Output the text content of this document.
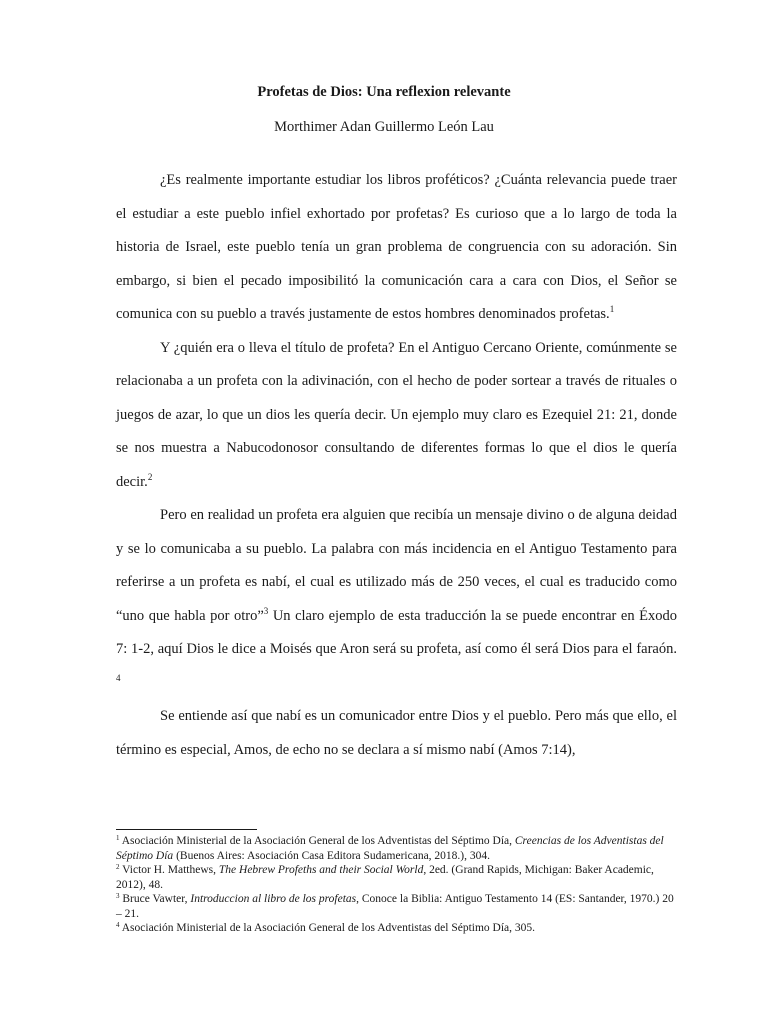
Profetas de Dios: Una reflexion relevante
Morthimer Adan Guillermo León Lau

¿Es realmente importante estudiar los libros proféticos? ¿Cuánta relevancia puede traer el estudiar a este pueblo infiel exhortado por profetas? Es curioso que a lo largo de toda la historia de Israel, este pueblo tenía un gran problema de congruencia con su adoración. Sin embargo, si bien el pecado imposibilitó la comunicación cara a cara con Dios, el Señor se comunica con su pueblo a través justamente de estos hombres denominados profetas.$^1$

Y ¿quién era o lleva el título de profeta? En el Antiguo Cercano Oriente, comúnmente se relacionaba a un profeta con la adivinación, con el hecho de poder sortear a través de rituales o juegos de azar, lo que un dios les quería decir. Un ejemplo muy claro es Ezequiel 21: 21, donde se nos muestra a Nabucodonosor consultando de diferentes formas lo que el dios le quería decir.$^2$

Pero en realidad un profeta era alguien que recibía un mensaje divino o de alguna deidad y se lo comunicaba a su pueblo. La palabra con más incidencia en el Antiguo Testamento para referirse a un profeta es nabí, el cual es utilizado más de 250 veces, el cual es traducido como “uno que habla por otro”$^3$ Un claro ejemplo de esta traducción la se puede encontrar en Éxodo 7: 1-2, aquí Dios le dice a Moisés que Aron será su profeta, así como él será Dios para el faraón. $^4$

Se entiende así que nabí es un comunicador entre Dios y el pueblo. Pero más que ello, el término es especial, Amos, de echo no se declara a sí mismo nabí (Amos 7:14),

$^1$ Asociación Ministerial de la Asociación General de los Adventistas del Séptimo Día, Creencias de los Adventistas del Séptimo Día (Buenos Aires: Asociación Casa Editora Sudamericana, 2018.), 304.

$^2$ Victor H. Matthews, The Hebrew Profeths and their Social World, 2ed. (Grand Rapids, Michigan: Baker Academic, 2012), 48.

$^3$ Bruce Vawter, Introduccion al libro de los profetas, Conoce la Biblia: Antiguo Testamento 14 (ES: Santander, 1970.) 20 – 21.

$^4$ Asociación Ministerial de la Asociación General de los Adventistas del Séptimo Día, 305.
